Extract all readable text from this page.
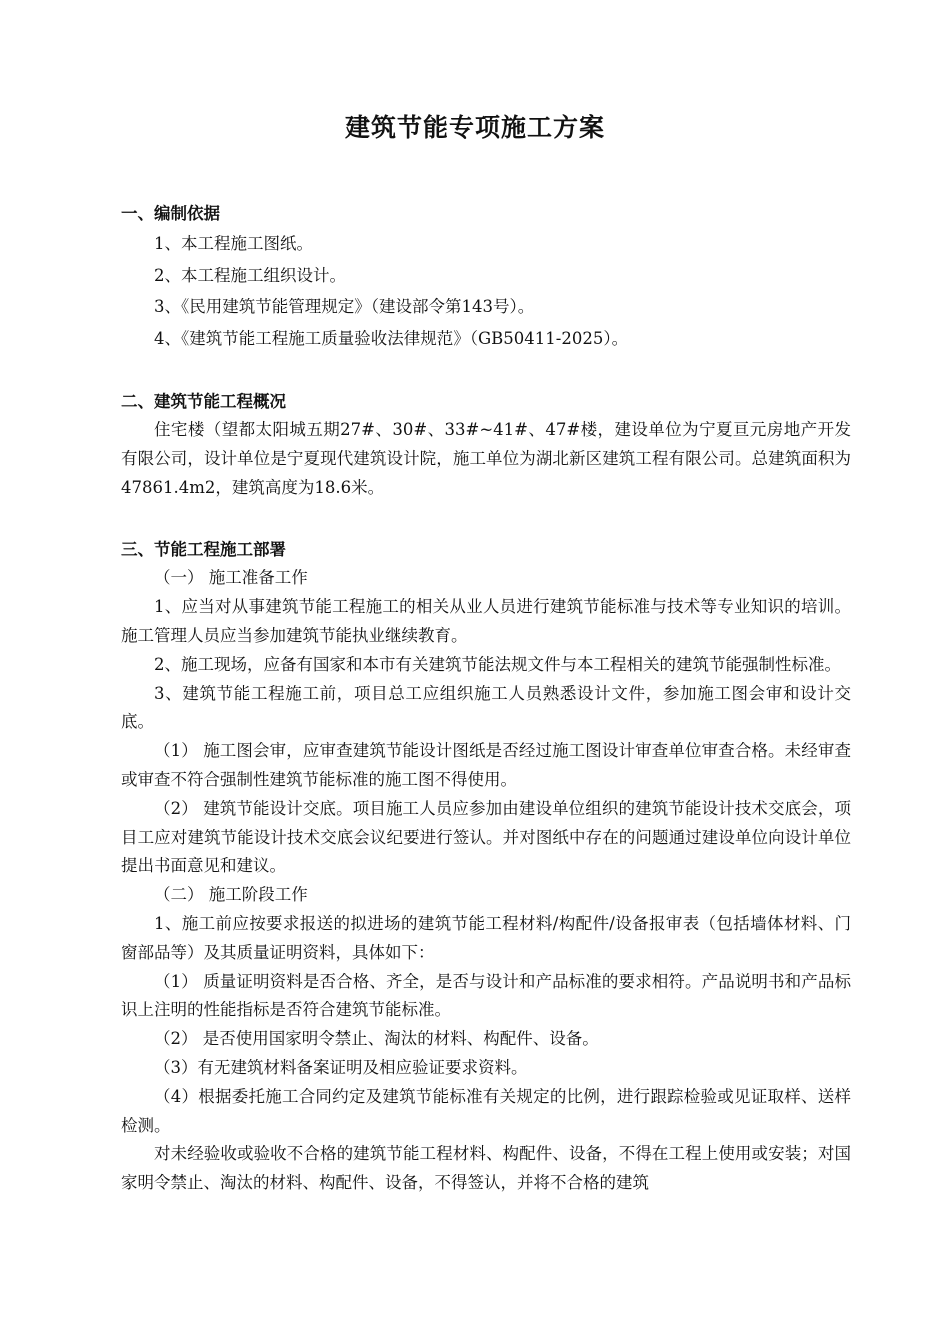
建筑节能专项施工方案

一、编制依据

1、本工程施工图纸。

2、本工程施工组织设计。

3、《民用建筑节能管理规定》（建设部令第143号）。

4、《建筑节能工程施工质量验收法律规范》（GB50411-2025）。

二、建筑节能工程概况

住宅楼（望都太阳城五期27#、30#、33#~41#、47#楼，建设单位为宁夏亘元房地产开发有限公司，设计单位是宁夏现代建筑设计院，施工单位为湖北新区建筑工程有限公司。总建筑面积为47861.4m2，建筑高度为18.6米。

三、节能工程施工部署

（一） 施工准备工作

1、应当对从事建筑节能工程施工的相关从业人员进行建筑节能标准与技术等专业知识的培训。施工管理人员应当参加建筑节能执业继续教育。

2、施工现场，应备有国家和本市有关建筑节能法规文件与本工程相关的建筑节能强制性标准。

3、建筑节能工程施工前，项目总工应组织施工人员熟悉设计文件，参加施工图会审和设计交底。

（1） 施工图会审，应审查建筑节能设计图纸是否经过施工图设计审查单位审查合格。未经审查或审查不符合强制性建筑节能标准的施工图不得使用。

（2） 建筑节能设计交底。项目施工人员应参加由建设单位组织的建筑节能设计技术交底会，项目工应对建筑节能设计技术交底会议纪要进行签认。并对图纸中存在的问题通过建设单位向设计单位提出书面意见和建议。

（二） 施工阶段工作

1、施工前应按要求报送的拟进场的建筑节能工程材料/构配件/设备报审表（包括墙体材料、门窗部品等）及其质量证明资料，具体如下：

（1） 质量证明资料是否合格、齐全，是否与设计和产品标准的要求相符。产品说明书和产品标识上注明的性能指标是否符合建筑节能标准。

（2） 是否使用国家明令禁止、淘汰的材料、构配件、设备。

（3）有无建筑材料备案证明及相应验证要求资料。

（4）根据委托施工合同约定及建筑节能标准有关规定的比例，进行跟踪检验或见证取样、送样检测。

对未经验收或验收不合格的建筑节能工程材料、构配件、设备，不得在工程上使用或安装；对国家明令禁止、淘汰的材料、构配件、设备，不得签认，并将不合格的建筑
